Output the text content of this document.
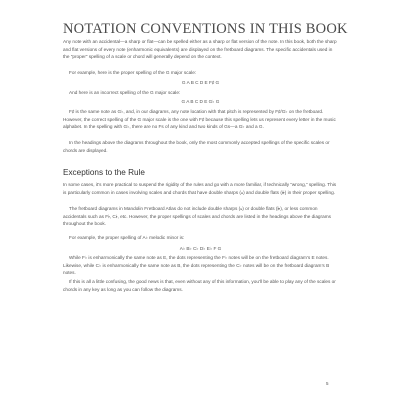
NOTATION CONVENTIONS IN THIS BOOK

Any note with an accidental—a sharp or flat—can be spelled either as a sharp or flat version of the note. In this book, both the sharp and flat versions of every note (enharmonic equivalents) are displayed on the fretboard diagrams. The specific accidentals used in the “proper” spelling of a scale or chord will generally depend on the context.

For example, here is the proper spelling of the G major scale:

G A B C D E F♯ G

And here is an incorrect spelling of the G major scale:

G A B C D E G♭ G

F♯ is the same note as G♭, and, in our diagrams, any note location with that pitch is represented by F♯/G♭ on the fretboard. However, the correct spelling of the G major scale is the one with F♯ because this spelling lets us represent every letter in the music alphabet. In the spelling with G♭, there are no Fs of any kind and two kinds of Gs—a G♭ and a G.

In the headings above the diagrams throughout the book, only the most commonly accepted spellings of the specific scales or chords are displayed.

Exceptions to the Rule

In some cases, it’s more practical to suspend the rigidity of the rules and go with a more familiar, if technically “wrong,” spelling. This is particularly common in cases involving scales and chords that have double sharps (𝄪) and double flats (𝄫) in their proper spelling.

The fretboard diagrams in Mandolin Fretboard Atlas do not include double sharps (𝄪) or double flats (𝄫), or less common accidentals such as F♭, C♭, etc. However, the proper spellings of scales and chords are listed in the headings above the diagrams throughout the book.

For example, the proper spelling of A♭ melodic minor is:

A♭ B♭ C♭ D♭ E♭ F G

While F♭ is enharmonically the same note as E, the dots representing the F♭ notes will be on the fretboard diagram’s E notes. Likewise, while C♭ is enharmonically the same note as B, the dots representing the C♭ notes will be on the fretboard diagram’s B notes.

If this is all a little confusing, the good news is that, even without any of this information, you’ll be able to play any of the scales or chords in any key as long as you can follow the diagrams.

5
